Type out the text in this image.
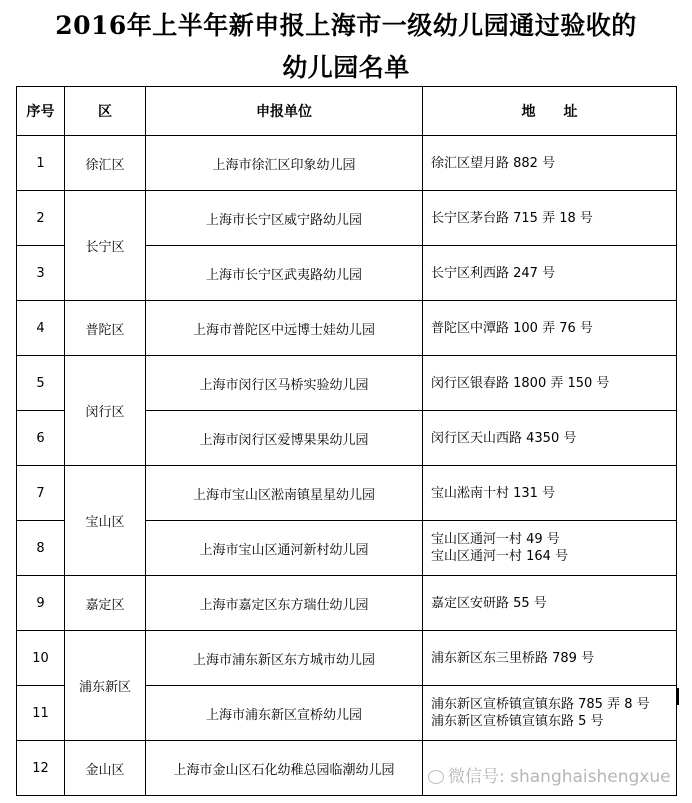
2016年上半年新申报上海市一级幼儿园通过验收的
幼儿园名单
序号	区	申报单位	地　　址
1	徐汇区	上海市徐汇区印象幼儿园	徐汇区望月路 882 号

2	长宁区	上海市长宁区威宁路幼儿园	长宁区茅台路 715 弄 18 号

3		上海市长宁区武夷路幼儿园	长宁区利西路 247 号

4	普陀区	上海市普陀区中远博士娃幼儿园	普陀区中潭路 100 弄 76 号

5	闵行区	上海市闵行区马桥实验幼儿园	闵行区银春路 1800 弄 150 号

6		上海市闵行区爱博果果幼儿园	闵行区天山西路 4350 号

7	宝山区	上海市宝山区淞南镇星星幼儿园	宝山淞南十村 131 号

8		上海市宝山区通河新村幼儿园	宝山区通河一村 49 号
宝山区通河一村 164 号

9	嘉定区	上海市嘉定区东方瑞仕幼儿园	嘉定区安研路 55 号

10	浦东新区	上海市浦东新区东方城市幼儿园	浦东新区东三里桥路 789 号

11		上海市浦东新区宣桥幼儿园	浦东新区宣桥镇宣镇东路 785 弄 8 号
浦东新区宣桥镇宣镇东路 5 号

12	金山区	上海市金山区石化幼稚总园临潮幼儿园		微信号: shanghaishengxue
